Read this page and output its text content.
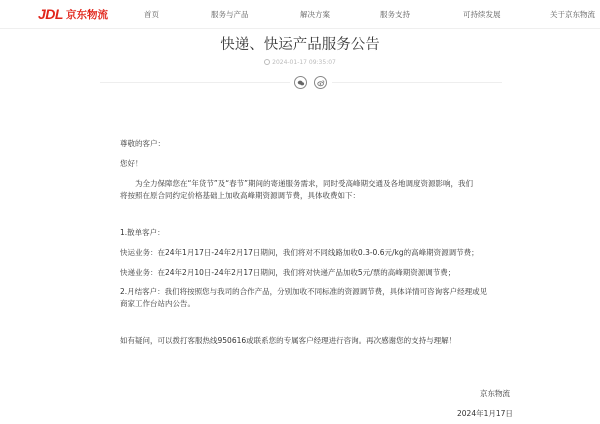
JDL 京东物流	首页	服务与产品	解决方案	服务支持	可持续发展	关于京东物流
快递、快运产品服务公告
2024-01-17 09:35:07
尊敬的客户：
您好！
为全力保障您在“年货节”及“春节”期间的寄递服务需求，同时受高峰期交通及各地调度资源影响，我们
将按照在原合同约定价格基础上加收高峰期资源调节费，具体收费如下：
1.散单客户：
快运业务：在24年1月17日-24年2月17日期间，我们将对不同线路加收0.3-0.6元/kg的高峰期资源调节费；
快递业务：在24年2月10日-24年2月17日期间，我们将对快递产品加收5元/票的高峰期资源调节费；
2.月结客户：我们将按照您与我司的合作产品，分别加收不同标准的资源调节费，具体详情可咨询客户经理或见
商家工作台站内公告。
如有疑问，可以拨打客服热线950616或联系您的专属客户经理进行咨询。再次感谢您的支持与理解！
京东物流
2024年1月17日
